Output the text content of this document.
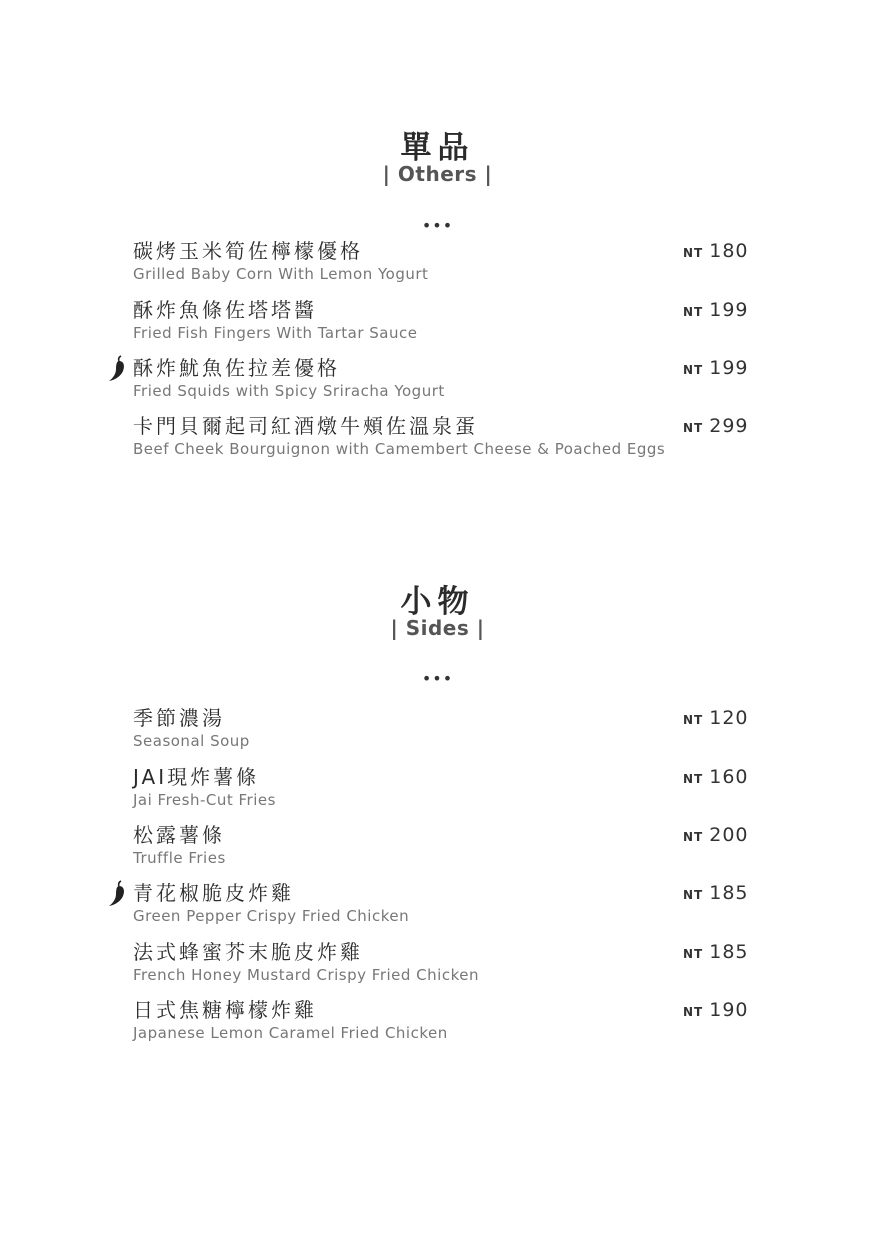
單品
| Others |
•••
碳烤玉米筍佐檸檬優格
Grilled Baby Corn With Lemon Yogurt
NT 180
酥炸魚條佐塔塔醬
Fried Fish Fingers With Tartar Sauce
NT 199
酥炸魷魚佐拉差優格
Fried Squids with Spicy Sriracha Yogurt
NT 199
卡門貝爾起司紅酒燉牛頰佐溫泉蛋
Beef Cheek Bourguignon with Camembert Cheese & Poached Eggs
NT 299
小物
| Sides |
•••
季節濃湯
Seasonal Soup
NT 120
JAI現炸薯條
Jai Fresh-Cut Fries
NT 160
松露薯條
Truffle Fries
NT 200
青花椒脆皮炸雞
Green Pepper Crispy Fried Chicken
NT 185
法式蜂蜜芥末脆皮炸雞
French Honey Mustard Crispy Fried Chicken
NT 185
日式焦糖檸檬炸雞
Japanese Lemon Caramel Fried Chicken
NT 190
